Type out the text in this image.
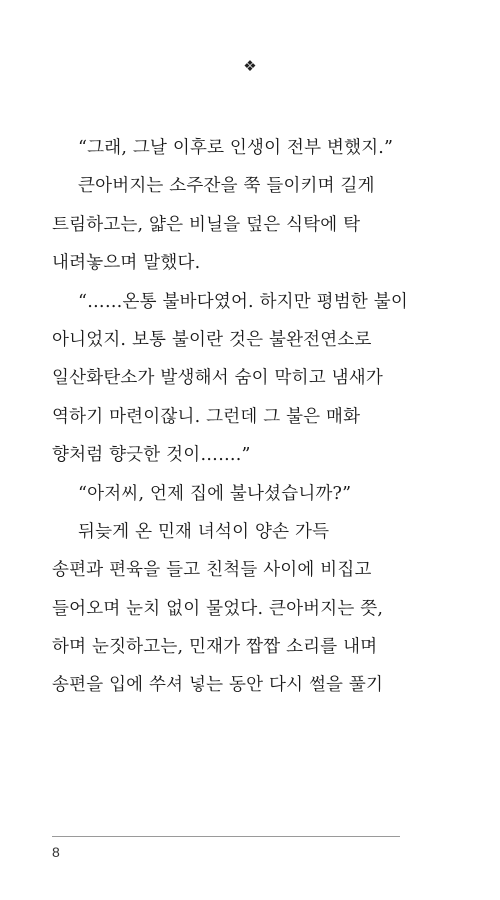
❖
“그래, 그날 이후로 인생이 전부 변했지.”
큰아버지는 소주잔을 쭉 들이키며 길게
트림하고는, 얇은 비닐을 덮은 식탁에 탁
내려놓으며 말했다.
“……온통 불바다였어. 하지만 평범한 불이
아니었지. 보통 불이란 것은 불완전연소로
일산화탄소가 발생해서 숨이 막히고 냄새가
역하기 마련이잖니. 그런데 그 불은 매화
향처럼 향긋한 것이…….”
“아저씨, 언제 집에 불나셨습니까?”
뒤늦게 온 민재 녀석이 양손 가득
송편과 편육을 들고 친척들 사이에 비집고
들어오며 눈치 없이 물었다. 큰아버지는 쯧,
하며 눈짓하고는, 민재가 짭짭 소리를 내며
송편을 입에 쑤셔 넣는 동안 다시 썰을 풀기
8
